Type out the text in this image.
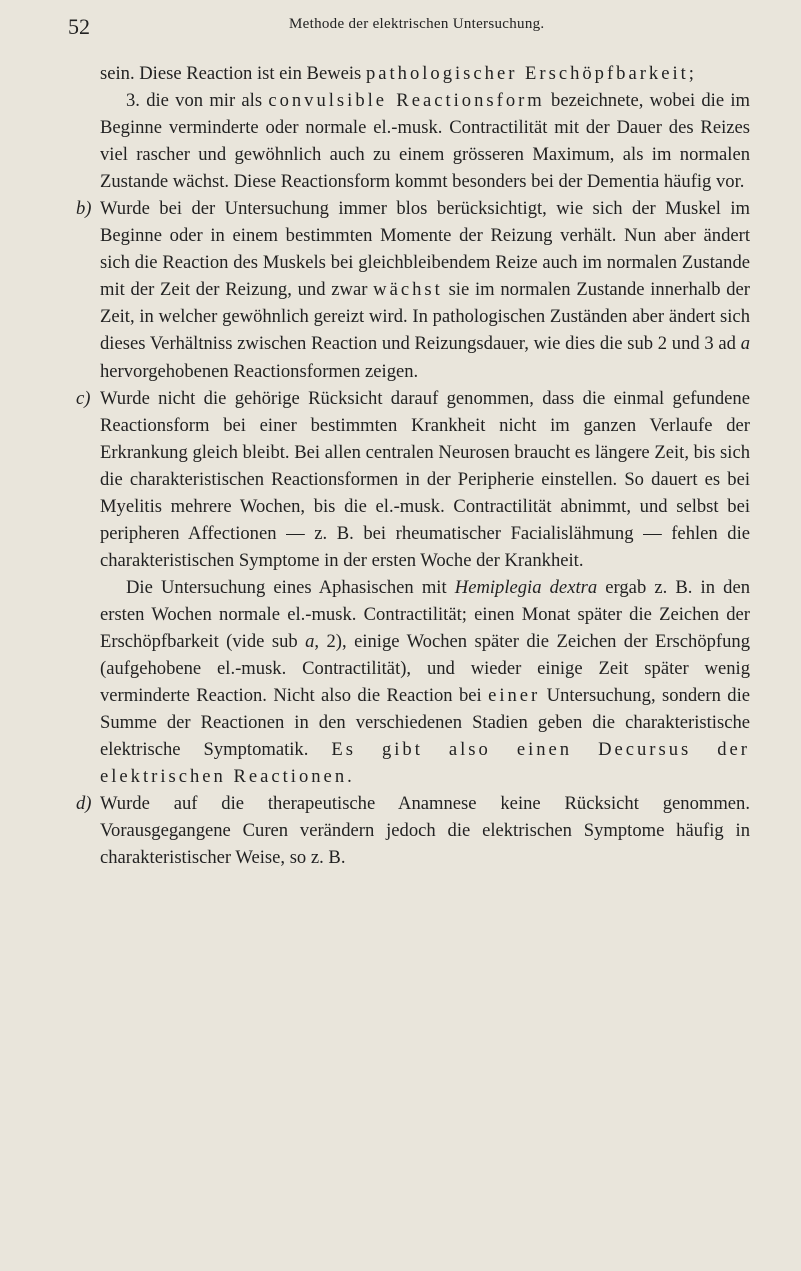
52	Methode der elektrischen Untersuchung.

sein. Diese Reaction ist ein Beweis pathologischer Erschöpfbarkeit;

3. die von mir als convulsible Reactionsform bezeichnete, wobei die im Beginne verminderte oder normale el.-musk. Contractilität mit der Dauer des Reizes viel rascher und gewöhnlich auch zu einem grösseren Maximum, als im normalen Zustande wächst. Diese Reactionsform kommt besonders bei der Dementia häufig vor.

b) Wurde bei der Untersuchung immer blos berücksichtigt, wie sich der Muskel im Beginne oder in einem bestimmten Momente der Reizung verhält. Nun aber ändert sich die Reaction des Muskels bei gleichbleibendem Reize auch im normalen Zustande mit der Zeit der Reizung, und zwar wächst sie im normalen Zustande innerhalb der Zeit, in welcher gewöhnlich gereizt wird. In pathologischen Zuständen aber ändert sich dieses Verhältniss zwischen Reaction und Reizungsdauer, wie dies die sub 2 und 3 ad a hervorgehobenen Reactionsformen zeigen.

c) Wurde nicht die gehörige Rücksicht darauf genommen, dass die einmal gefundene Reactionsform bei einer bestimmten Krankheit nicht im ganzen Verlaufe der Erkrankung gleich bleibt. Bei allen centralen Neurosen braucht es längere Zeit, bis sich die charakteristischen Reactionsformen in der Peripherie einstellen. So dauert es bei Myelitis mehrere Wochen, bis die el.-musk. Contractilität abnimmt, und selbst bei peripheren Affectionen — z. B. bei rheumatischer Facialislähmung — fehlen die charakteristischen Symptome in der ersten Woche der Krankheit.

Die Untersuchung eines Aphasischen mit Hemiplegia dextra ergab z. B. in den ersten Wochen normale el.-musk. Contractilität; einen Monat später die Zeichen der Erschöpfbarkeit (vide sub a, 2), einige Wochen später die Zeichen der Erschöpfung (aufgehobene el.-musk. Contractilität), und wieder einige Zeit später wenig verminderte Reaction. Nicht also die Reaction bei einer Untersuchung, sondern die Summe der Reactionen in den verschiedenen Stadien geben die charakteristische elektrische Symptomatik. Es gibt also einen Decursus der elektrischen Reactionen.

d) Wurde auf die therapeutische Anamnese keine Rücksicht genommen. Vorausgegangene Curen verändern jedoch die elektrischen Symptome häufig in charakteristischer Weise, so z. B.
